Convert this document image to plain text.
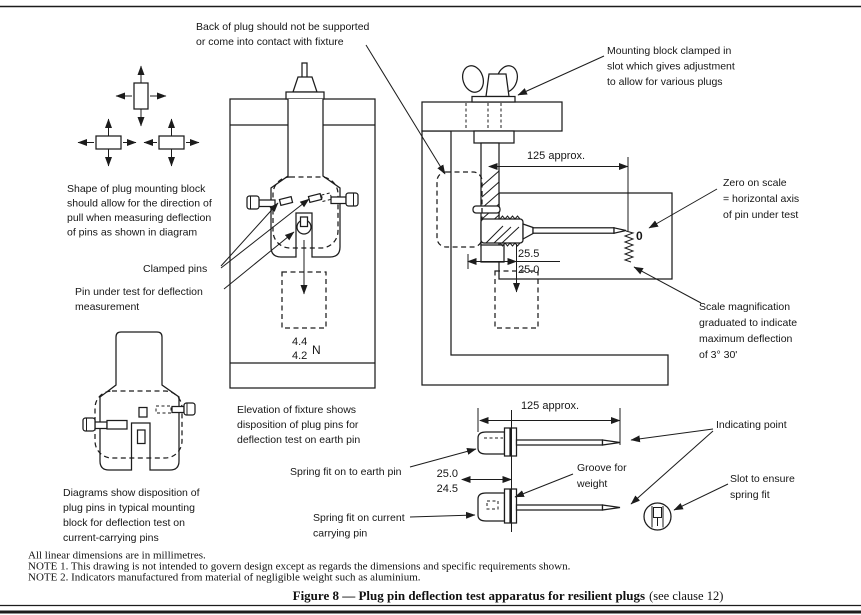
4.4
4.2 N
0
125 approx.
25.5
25.0
125 approx.
25.0
24.5
Back of plug should not be supported
or come into contact with fixture
Mounting block clamped in
slot which gives adjustment
to allow for various plugs
Shape of plug mounting block
should allow for the direction of
pull when measuring deflection
of pins as shown in diagram
Clamped pins
Pin under test for deflection
measurement
Zero on scale
= horizontal axis
of pin under test
Scale magnification
graduated to indicate
maximum deflection
of 3° 30'
Elevation of fixture shows
disposition of plug pins for
deflection test on earth pin
Diagrams show disposition of
plug pins in typical mounting
block for deflection test on
current-carrying pins
Spring fit on to earth pin
Spring fit on current
carrying pin
Groove for
weight
Indicating point
Slot to ensure
spring fit
All linear dimensions are in millimetres.
NOTE 1. This drawing is not intended to govern design except as regards the dimensions and specific requirements shown.
NOTE 2. Indicators manufactured from material of negligible weight such as aluminium.
Figure 8 — Plug pin deflection test apparatus for resilient plugs (see clause 12)
